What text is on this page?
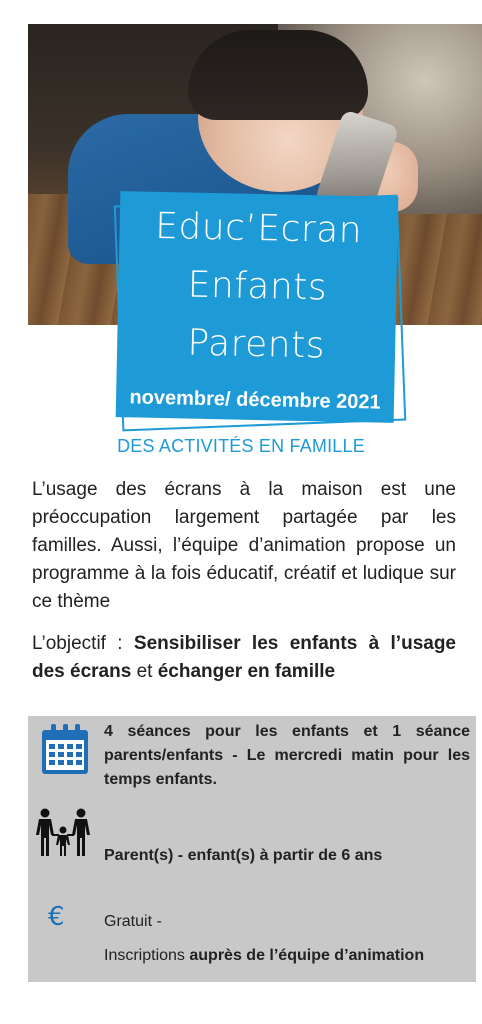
Educ’Ecran
Enfants
Parents
novembre/ décembre 2021
DES ACTIVITÉS EN FAMILLE
L’usage des écrans à la maison est une préoccupation largement partagée par les familles. Aussi, l’équipe d’animation propose un programme à la fois éducatif, créatif et ludique sur ce thème
L’objectif : Sensibiliser les enfants à l’usage des écrans et échanger en famille
4 séances pour les enfants et 1 séance parents/enfants - Le mercredi matin pour les temps enfants.
Parent(s) - enfant(s) à partir de 6 ans
€ Gratuit -
Inscriptions auprès de l’équipe d’animation
